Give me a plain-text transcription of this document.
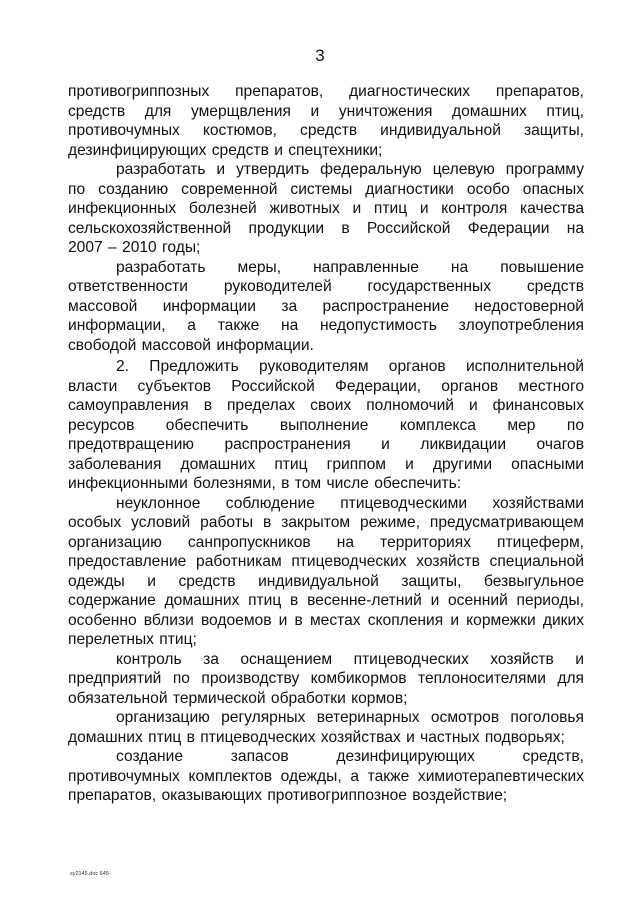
3

противогриппозных препаратов, диагностических препаратов,

средств для умерщвления и уничтожения домашних птиц,

противочумных костюмов, средств индивидуальной защиты,

дезинфицирующих средств и спецтехники;

разработать и утвердить федеральную целевую программу

по созданию современной системы диагностики особо опасных

инфекционных болезней животных и птиц и контроля качества

сельскохозяйственной продукции в Российской Федерации на

2007 – 2010 годы;

разработать меры, направленные на повышение

ответственности руководителей государственных средств

массовой информации за распространение недостоверной

информации, а также на недопустимость злоупотребления

свободой массовой информации.

2. Предложить руководителям органов исполнительной

власти субъектов Российской Федерации, органов местного

самоуправления в пределах своих полномочий и финансовых

ресурсов обеспечить выполнение комплекса мер по

предотвращению распространения и ликвидации очагов

заболевания домашних птиц гриппом и другими опасными

инфекционными болезнями, в том числе обеспечить:

неуклонное соблюдение птицеводческими хозяйствами

особых условий работы в закрытом режиме, предусматривающем

организацию санпропускников на территориях птицеферм,

предоставление работникам птицеводческих хозяйств специальной

одежды и средств индивидуальной защиты, безвыгульное

содержание домашних птиц в весенне-летний и осенний периоды,

особенно вблизи водоемов и в местах скопления и кормежки диких

перелетных птиц;

контроль за оснащением птицеводческих хозяйств и

предприятий по производству комбикормов теплоносителями для

обязательной термической обработки кормов;

организацию регулярных ветеринарных осмотров поголовья

домашних птиц в птицеводческих хозяйствах и частных подворьях;

создание запасов дезинфицирующих средств,

противочумных комплектов одежды, а также химиотерапевтических

препаратов, оказывающих противогриппозное воздействие;

sy2145.doc 645
